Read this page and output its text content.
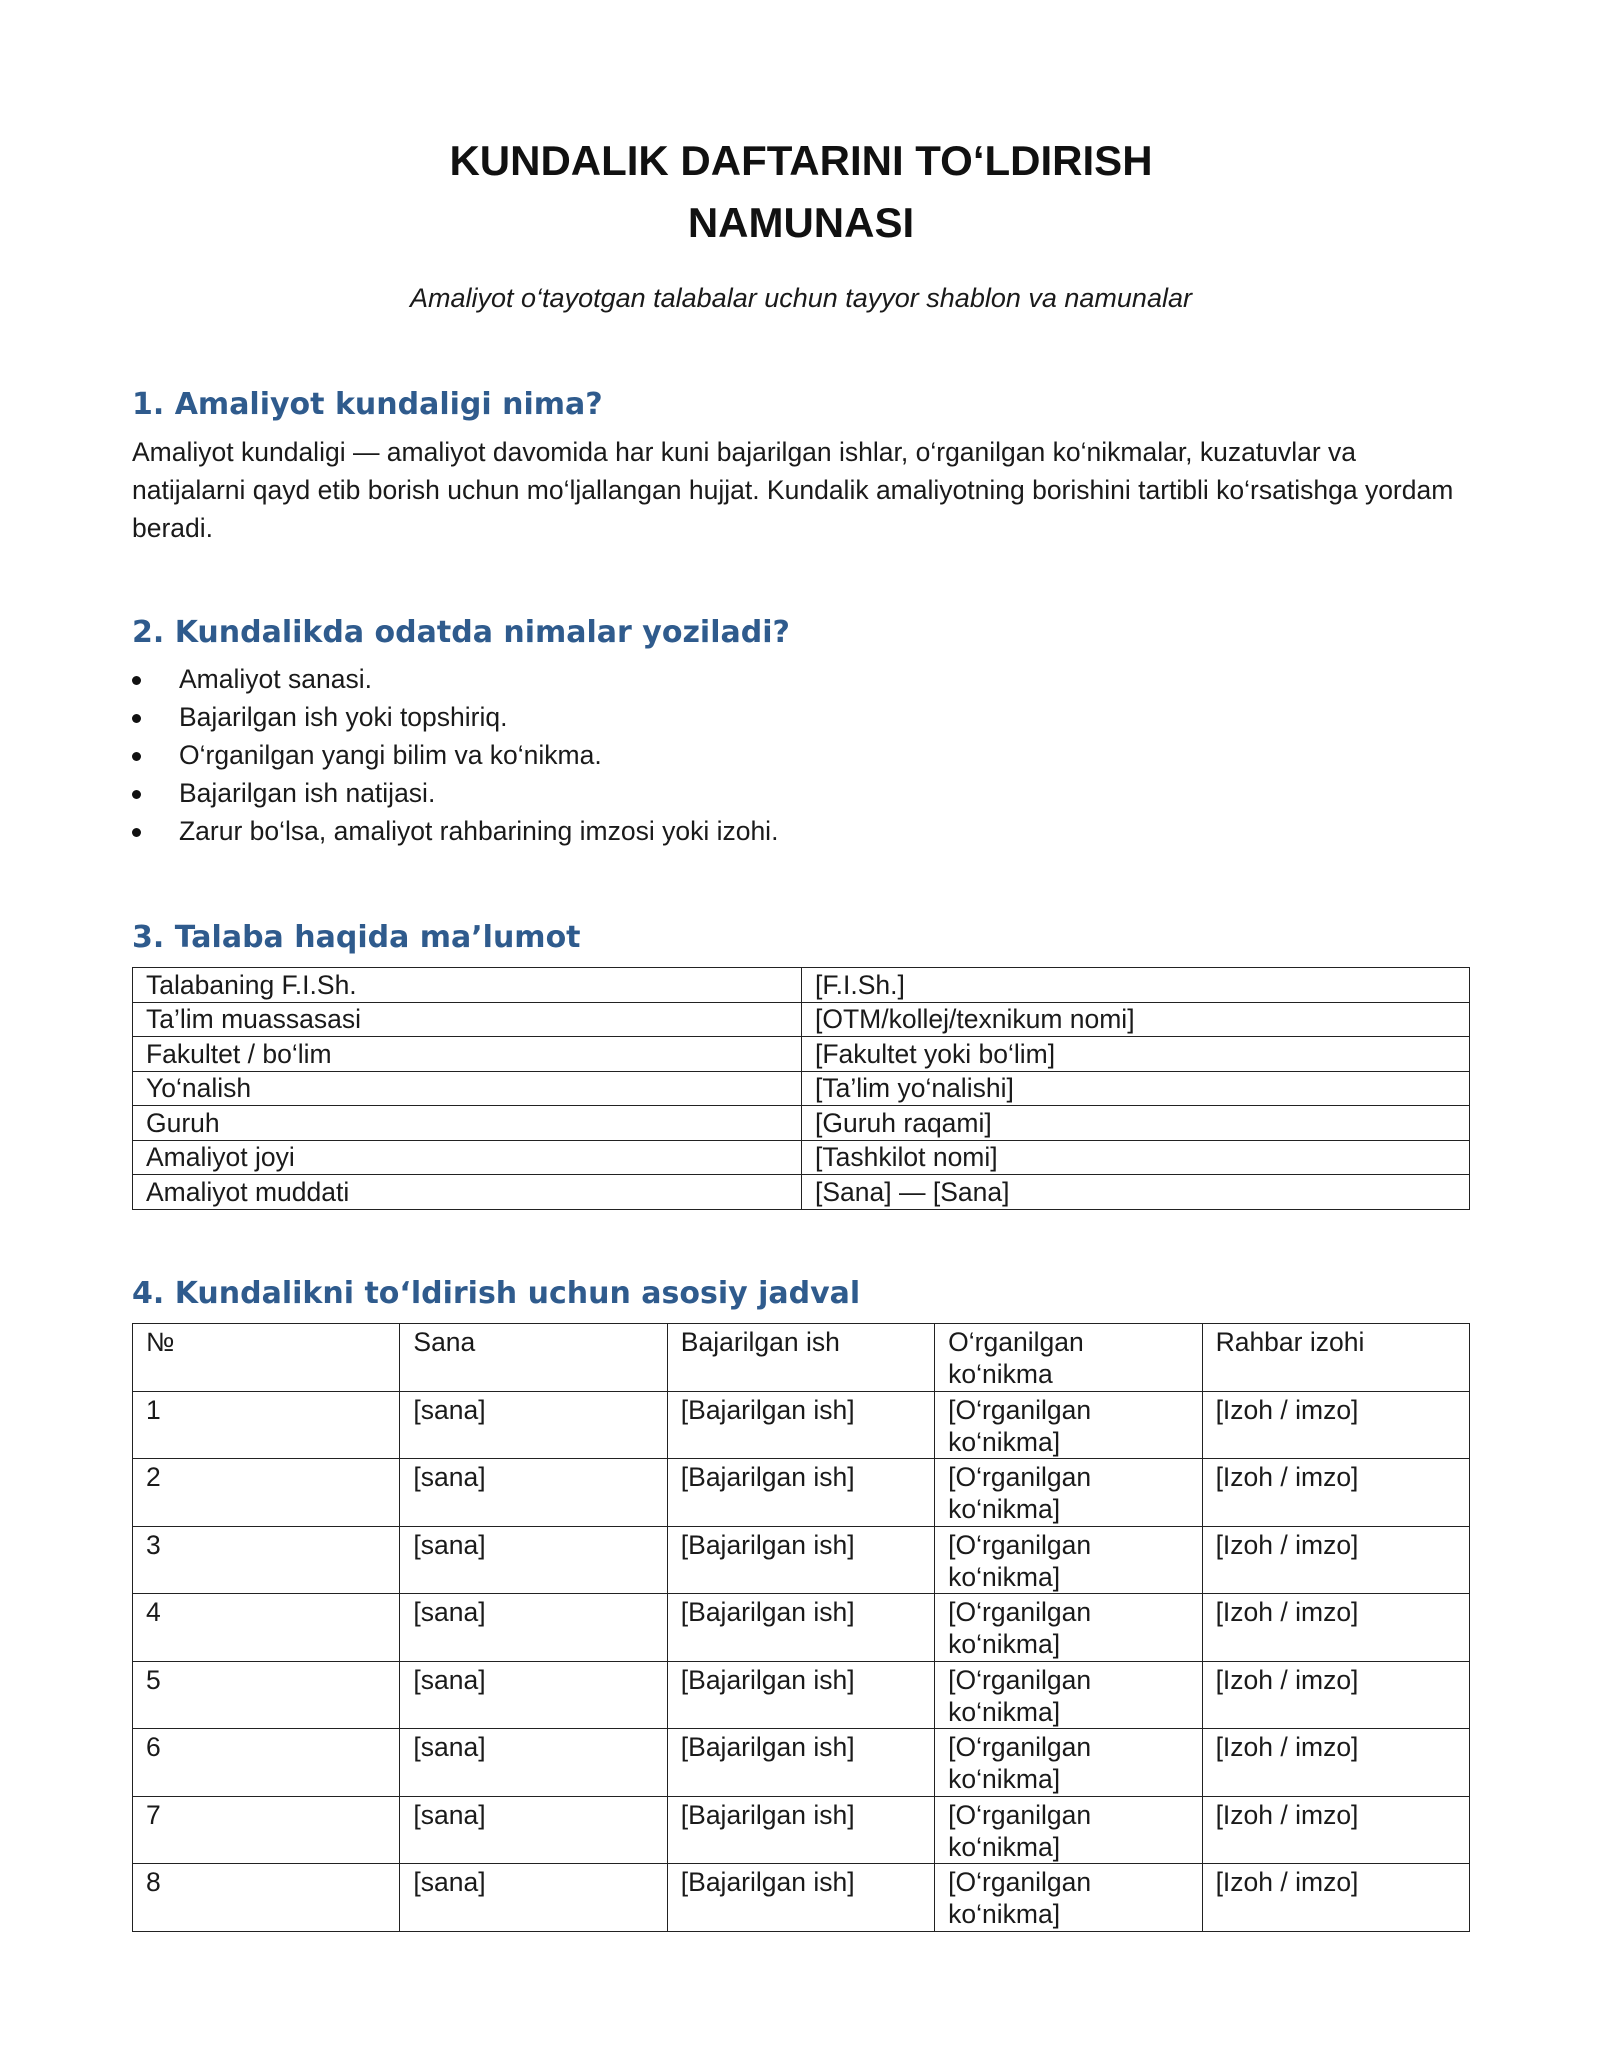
KUNDALIK DAFTARINI TO‘LDIRISH
NAMUNASI

Amaliyot o‘tayotgan talabalar uchun tayyor shablon va namunalar

1. Amaliyot kundaligi nima?

Amaliyot kundaligi — amaliyot davomida har kuni bajarilgan ishlar, o‘rganilgan ko‘nikmalar, kuzatuvlar va natijalarni qayd etib borish uchun mo‘ljallangan hujjat. Kundalik amaliyotning borishini tartibli ko‘rsatishga yordam beradi.

2. Kundalikda odatda nimalar yoziladi?
Amaliyot sanasi.
Bajarilgan ish yoki topshiriq.
O‘rganilgan yangi bilim va ko‘nikma.
Bajarilgan ish natijasi.
Zarur bo‘lsa, amaliyot rahbarining imzosi yoki izohi.
3. Talaba haqida ma’lumot
Talabaning F.I.Sh.	[F.I.Sh.]
Ta’lim muassasasi	[OTM/kollej/texnikum nomi]
Fakultet / bo‘lim	[Fakultet yoki bo‘lim]
Yo‘nalish	[Ta’lim yo‘nalishi]
Guruh	[Guruh raqami]
Amaliyot joyi	[Tashkilot nomi]
Amaliyot muddati	[Sana] — [Sana]
4. Kundalikni to‘ldirish uchun asosiy jadval
№	Sana	Bajarilgan ish	O‘rganilgan ko‘nikma	Rahbar izohi
1	[sana]	[Bajarilgan ish]	[O‘rganilgan ko‘nikma]	[Izoh / imzo]
2	[sana]	[Bajarilgan ish]	[O‘rganilgan ko‘nikma]	[Izoh / imzo]
3	[sana]	[Bajarilgan ish]	[O‘rganilgan ko‘nikma]	[Izoh / imzo]
4	[sana]	[Bajarilgan ish]	[O‘rganilgan ko‘nikma]	[Izoh / imzo]
5	[sana]	[Bajarilgan ish]	[O‘rganilgan ko‘nikma]	[Izoh / imzo]
6	[sana]	[Bajarilgan ish]	[O‘rganilgan ko‘nikma]	[Izoh / imzo]
7	[sana]	[Bajarilgan ish]	[O‘rganilgan ko‘nikma]	[Izoh / imzo]
8	[sana]	[Bajarilgan ish]	[O‘rganilgan ko‘nikma]	[Izoh / imzo]
